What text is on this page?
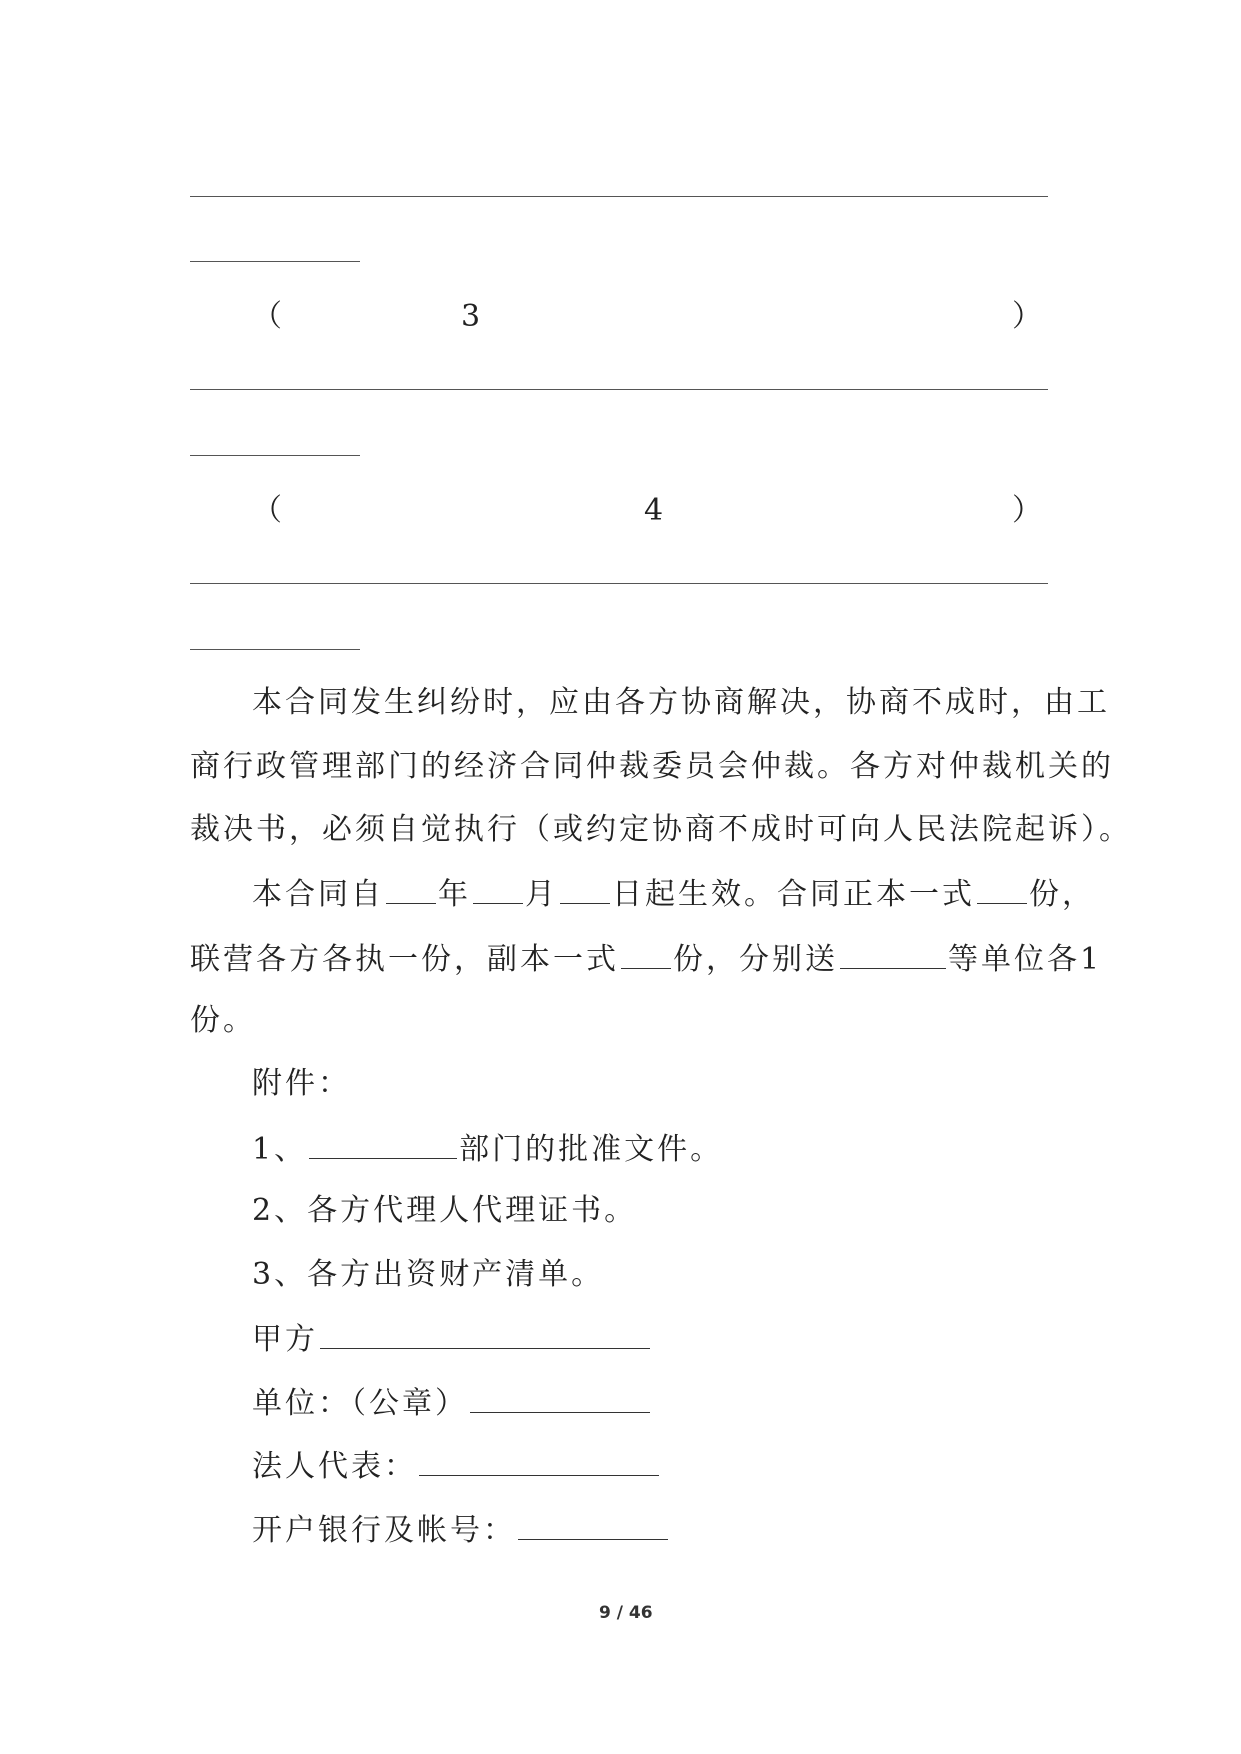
（	3	）
（	4	）
本合同发生纠纷时，应由各方协商解决，协商不成时，由工
商行政管理部门的经济合同仲裁委员会仲裁。各方对仲裁机关的
裁决书，必须自觉执行（或约定协商不成时可向人民法院起诉）。
本合同自 年 月 日起生效。合同正本一式 份，
联营各方各执一份，副本一式 份，分别送	等单位各1
份。
附件：
1、	部门的批准文件。
2、各方代理人代理证书。
3、各方出资财产清单。
甲方
单位：（公章）
法人代表：
开户银行及帐号：
9 / 46
